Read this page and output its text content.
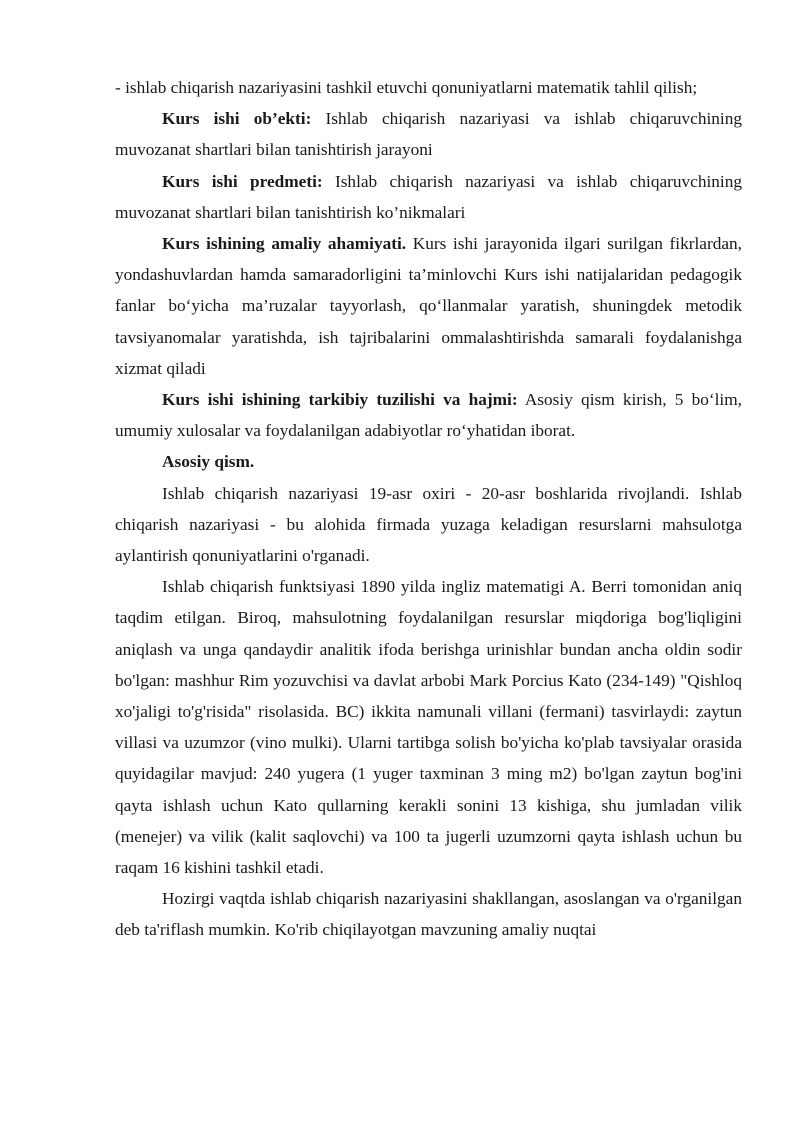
- ishlab chiqarish nazariyasini tashkil etuvchi qonuniyatlarni matematik tahlil qilish;

Kurs ishi ob’ekti: Ishlab chiqarish nazariyasi va ishlab chiqaruvchining muvozanat shartlari bilan tanishtirish jarayoni

Kurs ishi predmeti: Ishlab chiqarish nazariyasi va ishlab chiqaruvchining muvozanat shartlari bilan tanishtirish ko’nikmalari

Kurs ishining amaliy ahamiyati. Kurs ishi jarayonida ilgari surilgan fikrlardan, yondashuvlardan hamda samaradorligini ta’minlovchi Kurs ishi natijalaridan pedagogik fanlar bo‘yicha ma’ruzalar tayyorlash, qo‘llanmalar yaratish, shuningdek metodik tavsiyanomalar yaratishda, ish tajribalarini ommalashtirishda samarali foydalanishga xizmat qiladi

Kurs ishi ishining tarkibiy tuzilishi va hajmi: Asosiy qism kirish, 5 bo‘lim, umumiy xulosalar va foydalanilgan adabiyotlar ro‘yhatidan iborat.

Asosiy qism.

Ishlab chiqarish nazariyasi 19-asr oxiri - 20-asr boshlarida rivojlandi. Ishlab chiqarish nazariyasi - bu alohida firmada yuzaga keladigan resurslarni mahsulotga aylantirish qonuniyatlarini o'rganadi.

Ishlab chiqarish funktsiyasi 1890 yilda ingliz matematigi A. Berri tomonidan aniq taqdim etilgan. Biroq, mahsulotning foydalanilgan resurslar miqdoriga bog'liqligini aniqlash va unga qandaydir analitik ifoda berishga urinishlar bundan ancha oldin sodir bo'lgan: mashhur Rim yozuvchisi va davlat arbobi Mark Porcius Kato (234-149) "Qishloq xo'jaligi to'g'risida" risolasida. BC) ikkita namunali villani (fermani) tasvirlaydi: zaytun villasi va uzumzor (vino mulki). Ularni tartibga solish bo'yicha ko'plab tavsiyalar orasida quyidagilar mavjud: 240 yugera (1 yuger taxminan 3 ming m2) bo'lgan zaytun bog'ini qayta ishlash uchun Kato qullarning kerakli sonini 13 kishiga, shu jumladan vilik (menejer) va vilik (kalit saqlovchi) va 100 ta jugerli uzumzorni qayta ishlash uchun bu raqam 16 kishini tashkil etadi.

Hozirgi vaqtda ishlab chiqarish nazariyasini shakllangan, asoslangan va o'rganilgan deb ta'riflash mumkin. Ko'rib chiqilayotgan mavzuning amaliy nuqtai
